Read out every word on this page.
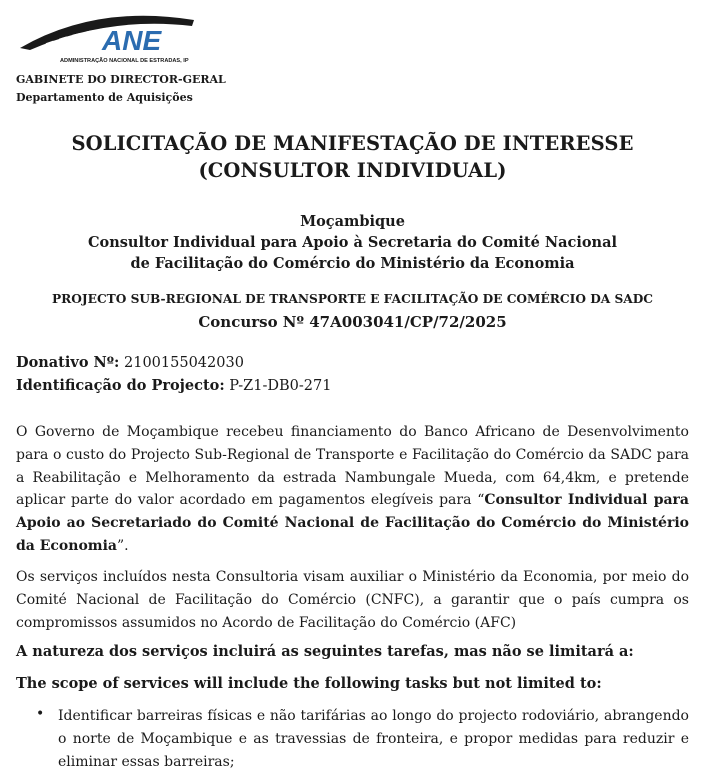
ANE
ADMINISTRAÇÃO NACIONAL DE ESTRADAS, IP
GABINETE DO DIRECTOR-GERAL
Departamento de Aquisições
SOLICITAÇÃO DE MANIFESTAÇÃO DE INTERESSE
(CONSULTOR INDIVIDUAL)
Moçambique
Consultor Individual para Apoio à Secretaria do Comité Nacional
de Facilitação do Comércio do Ministério da Economia
PROJECTO SUB-REGIONAL DE TRANSPORTE E FACILITAÇÃO DE COMÉRCIO DA SADC
Concurso Nº 47A003041/CP/72/2025
Donativo Nº: 2100155042030
Identificação do Projecto: P-Z1-DB0-271
O Governo de Moçambique recebeu financiamento do Banco Africano de Desenvolvimento para o custo do Projecto Sub-Regional de Transporte e Facilitação do Comércio da SADC para a Reabilitação e Melhoramento da estrada Nambungale Mueda, com 64,4km, e pretende aplicar parte do valor acordado em pagamentos elegíveis para “Consultor Individual para Apoio ao Secretariado do Comité Nacional de Facilitação do Comércio do Ministério da Economia”.
Os serviços incluídos nesta Consultoria visam auxiliar o Ministério da Economia, por meio do Comité Nacional de Facilitação do Comércio (CNFC), a garantir que o país cumpra os compromissos assumidos no Acordo de Facilitação do Comércio (AFC)
A natureza dos serviços incluirá as seguintes tarefas, mas não se limitará a:
The scope of services will include the following tasks but not limited to:
• Identificar barreiras físicas e não tarifárias ao longo do projecto rodoviário, abrangendo o norte de Moçambique e as travessias de fronteira, e propor medidas para reduzir e eliminar essas barreiras;
